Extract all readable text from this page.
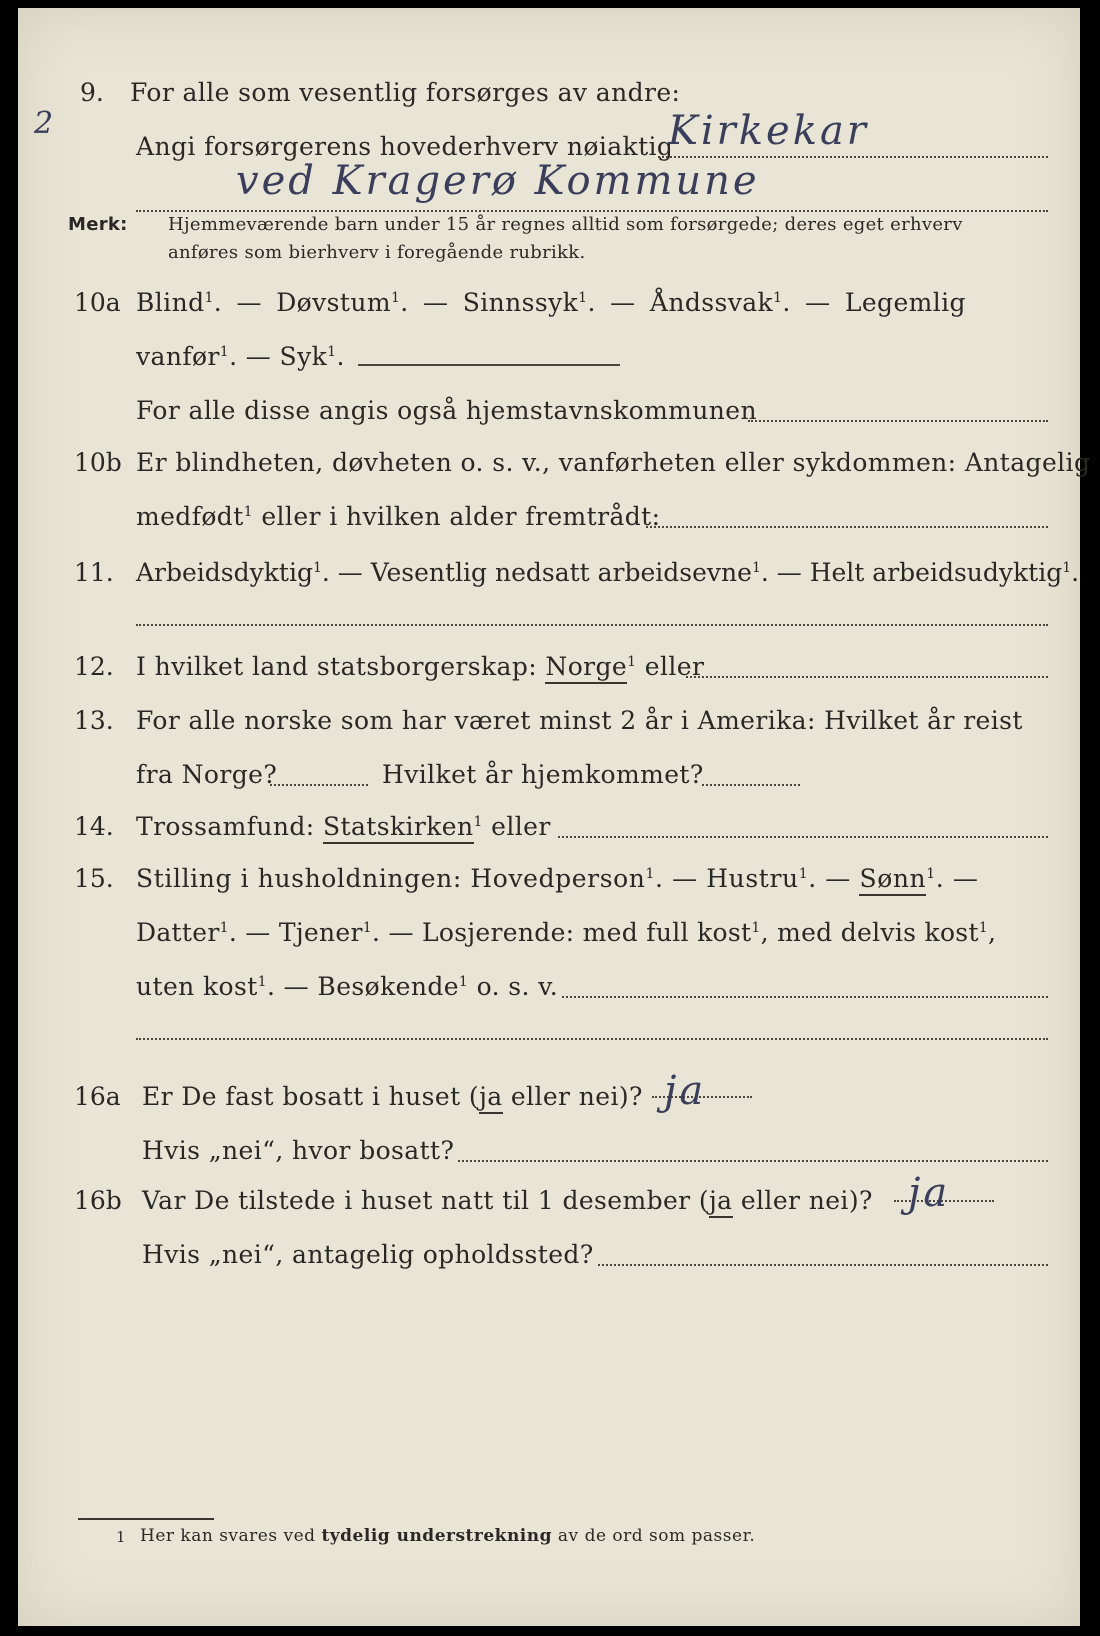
2
9. For alle som vesentlig forsørges av andre:
Angi forsørgerens hovederhverv nøiaktig
Kirkekar
ved Kragerø Kommune
Merk: Hjemmeværende barn under 15 år regnes alltid som forsørgede; deres eget erhverv
anføres som bierhverv i foregående rubrikk.
10a Blind$^1$. — Døvstum$^1$. — Sinnssyk$^1$. — Åndssvak$^1$. — Legemlig
vanfør$^1$. — Syk$^1$.
For alle disse angis også hjemstavnskommunen
10b Er blindheten, døvheten o. s. v., vanførheten eller sykdommen: Antagelig
medfødt$^1$ eller i hvilken alder fremtrådt:
11. Arbeidsdyktig$^1$. — Vesentlig nedsatt arbeidsevne$^1$. — Helt arbeidsudyktig$^1$.
12. I hvilket land statsborgerskap: Norge$^1$ eller
13. For alle norske som har været minst 2 år i Amerika: Hvilket år reist
fra Norge?	Hvilket år hjemkommet?
14. Trossamfund: Statskirken$^1$ eller
15. Stilling i husholdningen: Hovedperson$^1$. — Hustru$^1$. — Sønn$^1$. —
Datter$^1$. — Tjener$^1$. — Losjerende: med full kost$^1$, med delvis kost$^1$,
uten kost$^1$. — Besøkende$^1$ o. s. v.
16a Er De fast bosatt i huset (ja eller nei)? ja
Hvis „nei“, hvor bosatt?
16b Var De tilstede i huset natt til 1 desember (ja eller nei)? ja
Hvis „nei“, antagelig opholdssted?
1 Her kan svares ved tydelig understrekning av de ord som passer.
